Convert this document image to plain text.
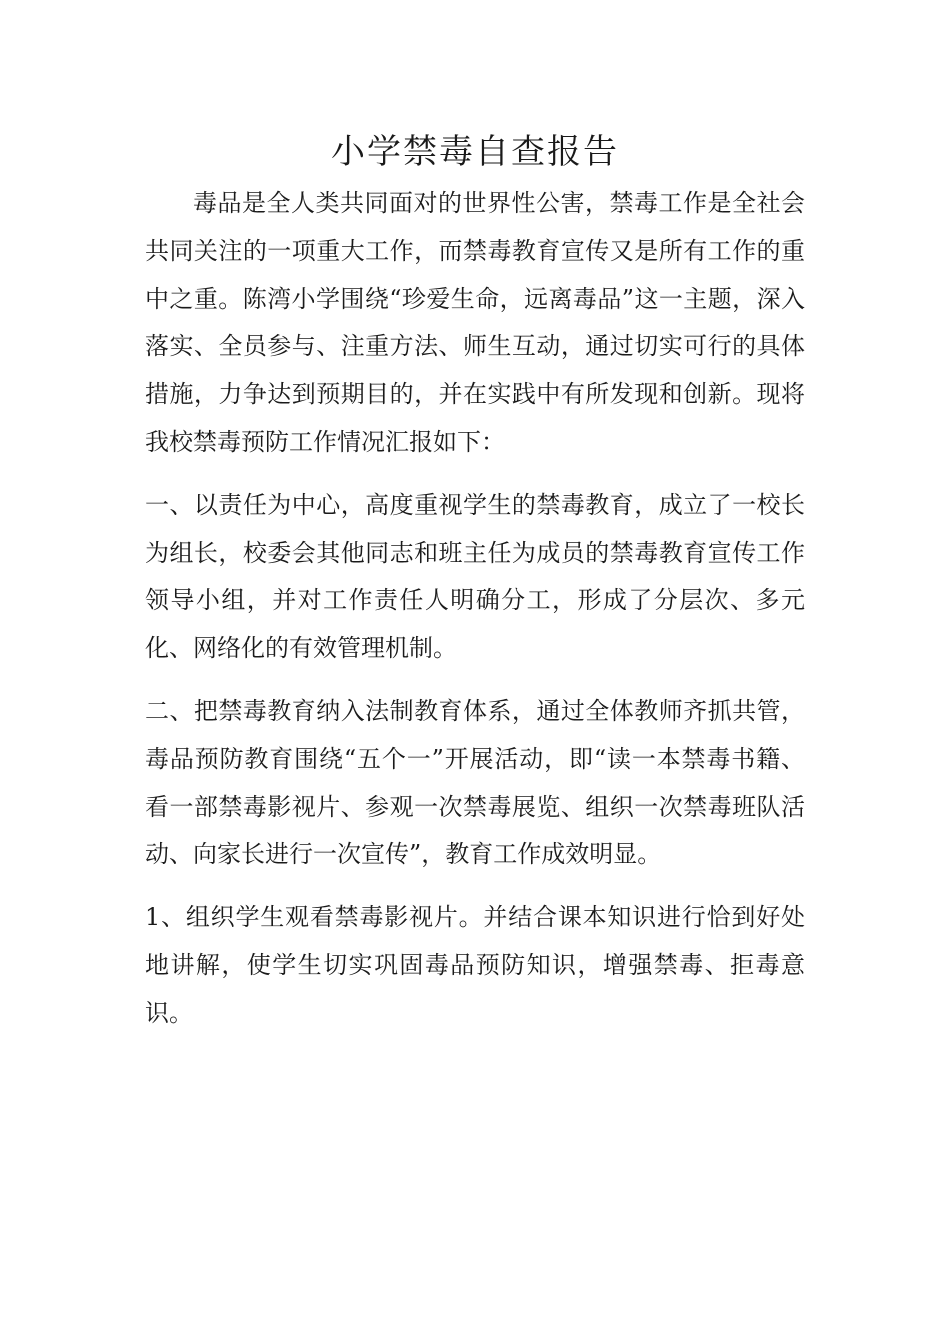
小学禁毒自查报告

毒品是全人类共同面对的世界性公害，禁毒工作是全社会共同关注的一项重大工作，而禁毒教育宣传又是所有工作的重中之重。陈湾小学围绕“珍爱生命，远离毒品”这一主题，深入落实、全员参与、注重方法、师生互动，通过切实可行的具体措施，力争达到预期目的，并在实践中有所发现和创新。现将我校禁毒预防工作情况汇报如下：

一、以责任为中心，高度重视学生的禁毒教育，成立了一校长为组长，校委会其他同志和班主任为成员的禁毒教育宣传工作领导小组，并对工作责任人明确分工，形成了分层次、多元化、网络化的有效管理机制。

二、把禁毒教育纳入法制教育体系，通过全体教师齐抓共管，毒品预防教育围绕“五个一”开展活动，即“读一本禁毒书籍、看一部禁毒影视片、参观一次禁毒展览、组织一次禁毒班队活动、向家长进行一次宣传”，教育工作成效明显。

1、组织学生观看禁毒影视片。并结合课本知识进行恰到好处地讲解，使学生切实巩固毒品预防知识，增强禁毒、拒毒意识。
